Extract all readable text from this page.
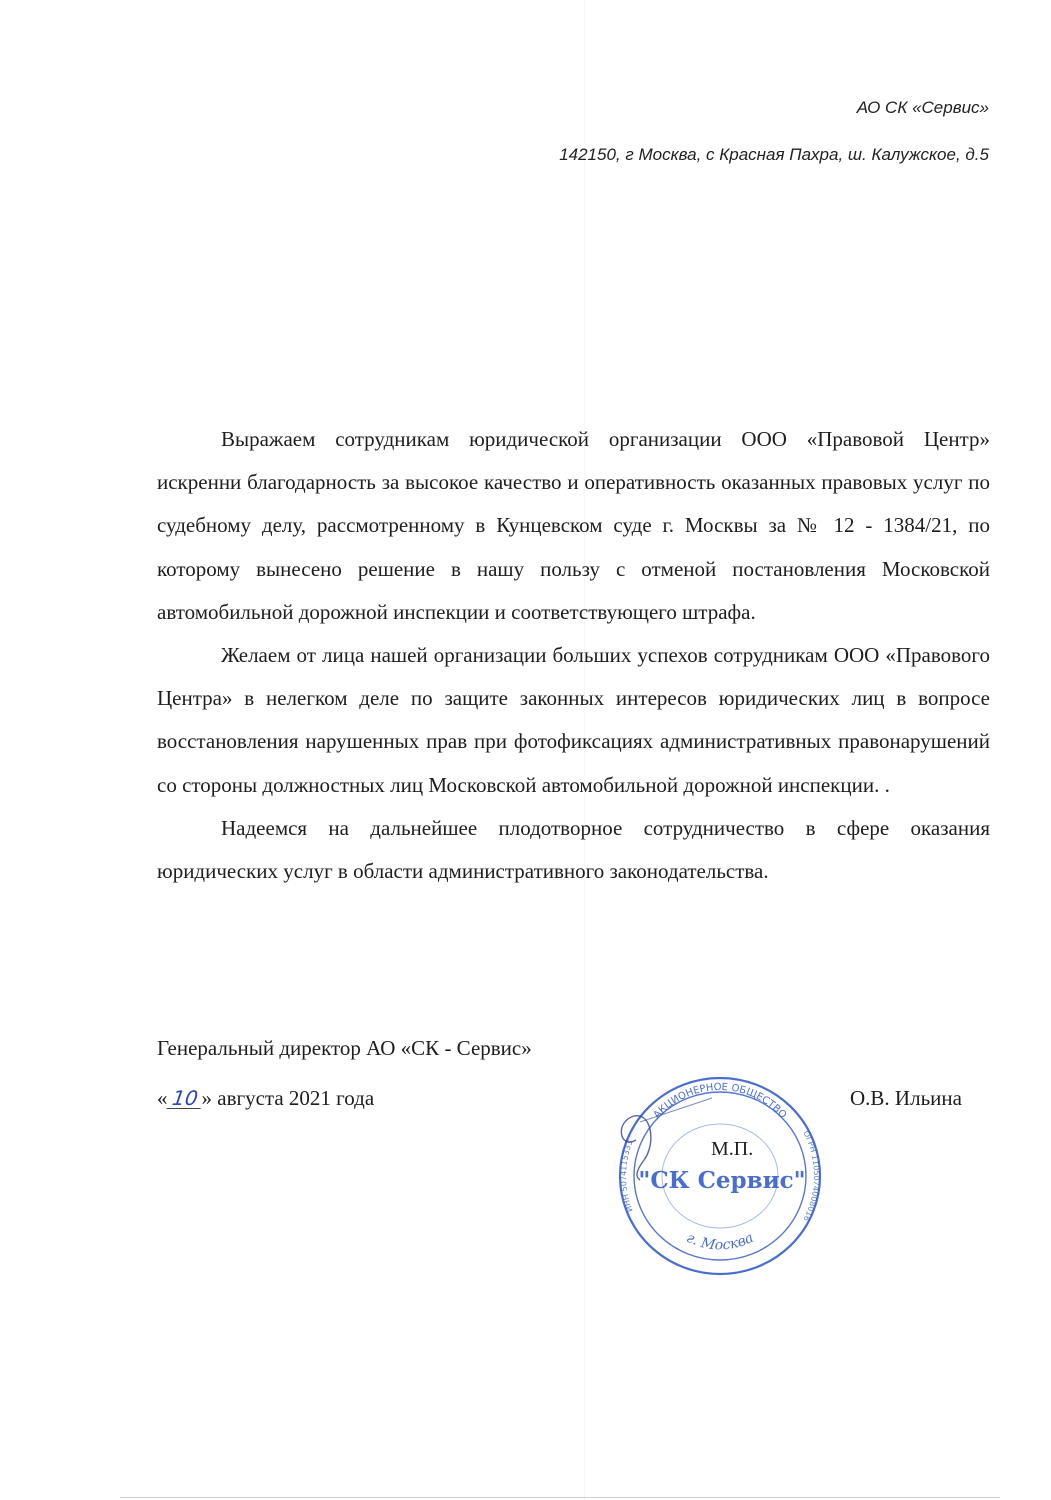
АО СК «Сервис»
142150, г Москва, с Красная Пахра, ш. Калужское, д.5

Выражаем сотрудникам юридической организации ООО «Правовой Центр» искренни благодарность за высокое качество и оперативность оказанных правовых услуг по судебному делу, рассмотренному в Кунцевском суде г. Москвы за № 12 - 1384/21, по которому вынесено решение в нашу пользу с отменой постановления Московской автомобильной дорожной инспекции и соответствующего штрафа.

Желаем от лица нашей организации больших успехов сотрудникам ООО «Правового Центра» в нелегком деле по защите законных интересов юридических лиц в вопросе восстановления нарушенных прав при фотофиксациях административных правонарушений со стороны должностных лиц Московской автомобильной дорожной инспекции. .

Надеемся на дальнейшее плодотворное сотрудничество в сфере оказания юридических услуг в области административного законодательства.

Генеральный директор АО «СК - Сервис»
« 10 » августа 2021 года
АКЦИОНЕРНОЕ ОБЩЕСТВО
ИНН 5074115333
ОГРН 1105074008016
г. Москва
"СК Сервис"
М.П.
О.В. Ильина
